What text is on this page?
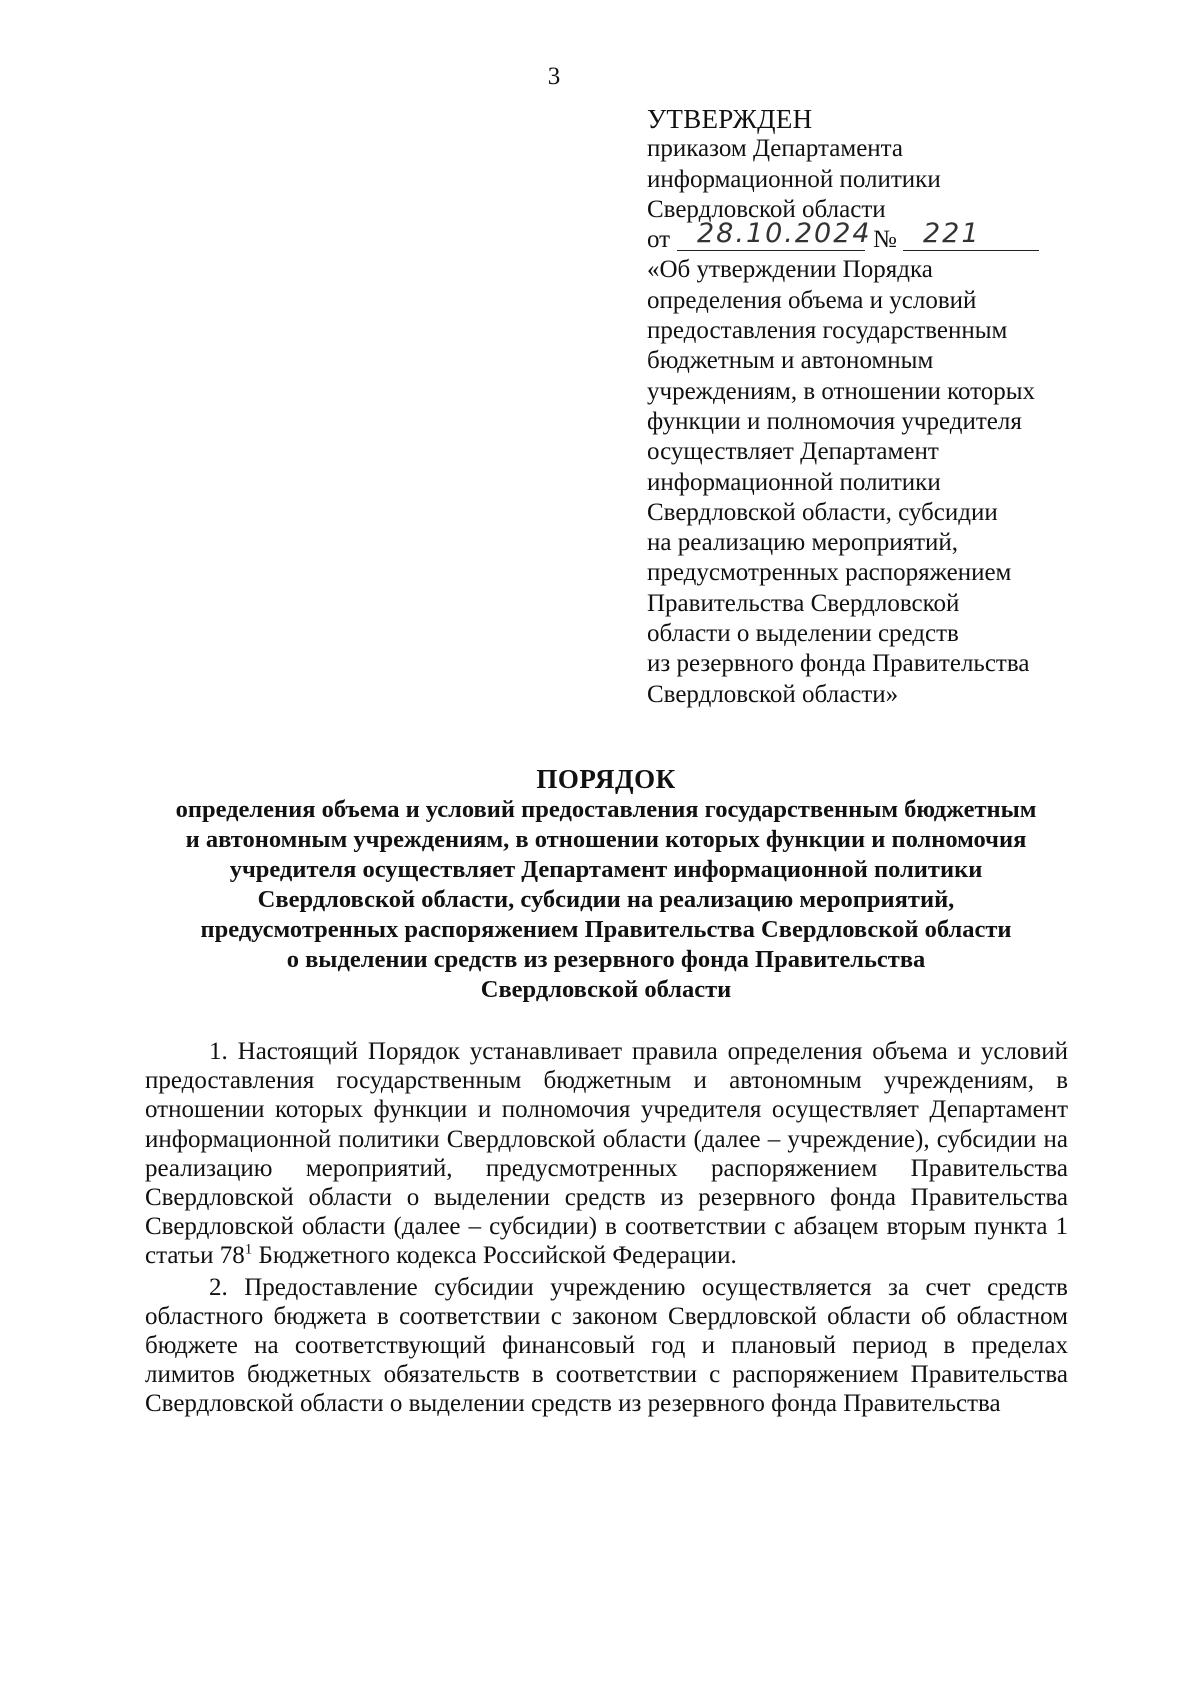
3
УТВЕРЖДЕН
приказом Департамента
информационной политики
Свердловской области
от 28.10.2024 № 221
«Об утверждении Порядка
определения объема и условий
предоставления государственным
бюджетным и автономным
учреждениям, в отношении которых
функции и полномочия учредителя
осуществляет Департамент
информационной политики
Свердловской области, субсидии
на реализацию мероприятий,
предусмотренных распоряжением
Правительства Свердловской
области о выделении средств
из резервного фонда Правительства
Свердловской области»
ПОРЯДОК
определения объема и условий предоставления государственным бюджетным
и автономным учреждениям, в отношении которых функции и полномочия
учредителя осуществляет Департамент информационной политики
Свердловской области, субсидии на реализацию мероприятий,
предусмотренных распоряжением Правительства Свердловской области
о выделении средств из резервного фонда Правительства
Свердловской области

1. Настоящий Порядок устанавливает правила определения объема и условий предоставления государственным бюджетным и автономным учреждениям, в отношении которых функции и полномочия учредителя осуществляет Департамент информационной политики Свердловской области (далее – учреждение), субсидии на реализацию мероприятий, предусмотренных распоряжением Правительства Свердловской области о выделении средств из резервного фонда Правительства Свердловской области (далее – субсидии) в соответствии с абзацем вторым пункта 1 статьи $78^1$ Бюджетного кодекса Российской Федерации.

2. Предоставление субсидии учреждению осуществляется за счет средств областного бюджета в соответствии с законом Свердловской области об областном бюджете на соответствующий финансовый год и плановый период в пределах лимитов бюджетных обязательств в соответствии с распоряжением Правительства Свердловской области о выделении средств из резервного фонда Правительства
